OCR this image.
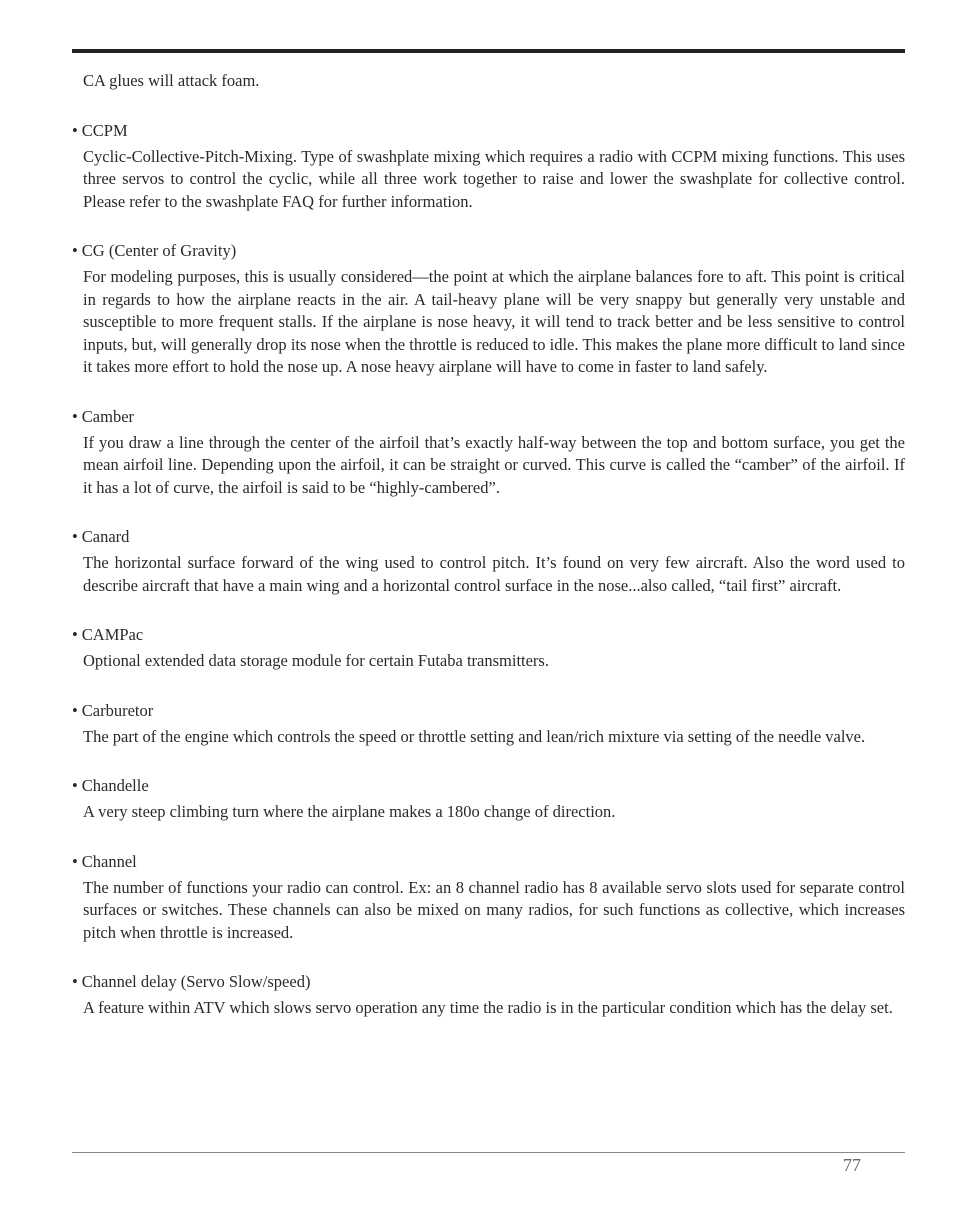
CA glues will attack foam.

• CCPM

Cyclic-Collective-Pitch-Mixing. Type of swashplate mixing which requires a radio with CCPM mixing functions. This uses three servos to control the cyclic, while all three work together to raise and lower the swashplate for collective control. Please refer to the swashplate FAQ for further information.

• CG (Center of Gravity)

For modeling purposes, this is usually considered—the point at which the airplane balances fore to aft. This point is critical in regards to how the airplane reacts in the air. A tail-heavy plane will be very snappy but generally very unstable and susceptible to more frequent stalls. If the airplane is nose heavy, it will tend to track better and be less sensitive to control inputs, but, will generally drop its nose when the throttle is reduced to idle. This makes the plane more difficult to land since it takes more effort to hold the nose up. A nose heavy airplane will have to come in faster to land safely.

• Camber

If you draw a line through the center of the airfoil that’s exactly half-way between the top and bottom surface, you get the mean airfoil line. Depending upon the airfoil, it can be straight or curved. This curve is called the “camber” of the airfoil. If it has a lot of curve, the airfoil is said to be “highly-cambered”.

• Canard

The horizontal surface forward of the wing used to control pitch. It’s found on very few aircraft. Also the word used to describe aircraft that have a main wing and a horizontal control surface in the nose...also called, “tail first” aircraft.

• CAMPac

Optional extended data storage module for certain Futaba transmitters.

• Carburetor

The part of the engine which controls the speed or throttle setting and lean/rich mixture via setting of the needle valve.

• Chandelle

A very steep climbing turn where the airplane makes a 180o change of direction.

• Channel

The number of functions your radio can control. Ex: an 8 channel radio has 8 available servo slots used for separate control surfaces or switches. These channels can also be mixed on many radios, for such functions as collective, which increases pitch when throttle is increased.

• Channel delay (Servo Slow/speed)

A feature within ATV which slows servo operation any time the radio is in the particular condition which has the delay set.

77
